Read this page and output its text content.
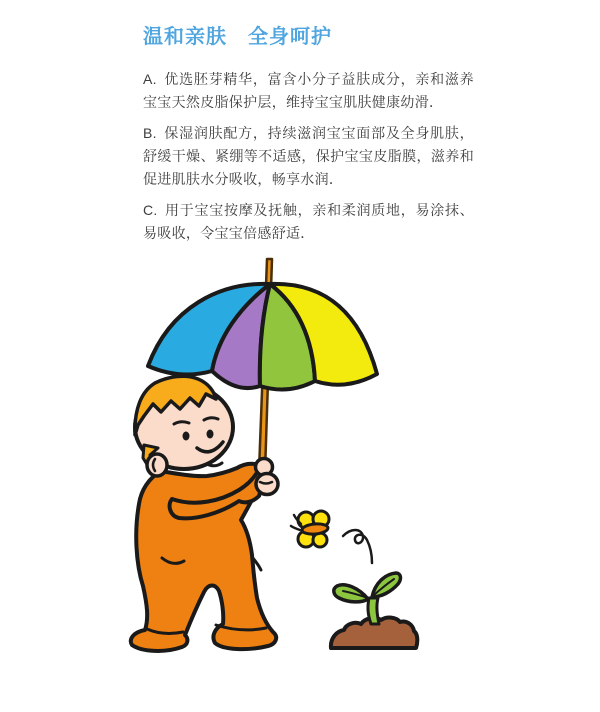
温和亲肤　全身呵护

A. 优选胚芽精华，富含小分子益肤成分，亲和滋养宝宝天然皮脂保护层，维持宝宝肌肤健康幼滑．

B. 保湿润肤配方，持续滋润宝宝面部及全身肌肤，舒缓干燥、紧绷等不适感，保护宝宝皮脂膜，滋养和促进肌肤水分吸收，畅享水润．

C. 用于宝宝按摩及抚触，亲和柔润质地，易涂抹、易吸收，令宝宝倍感舒适．
